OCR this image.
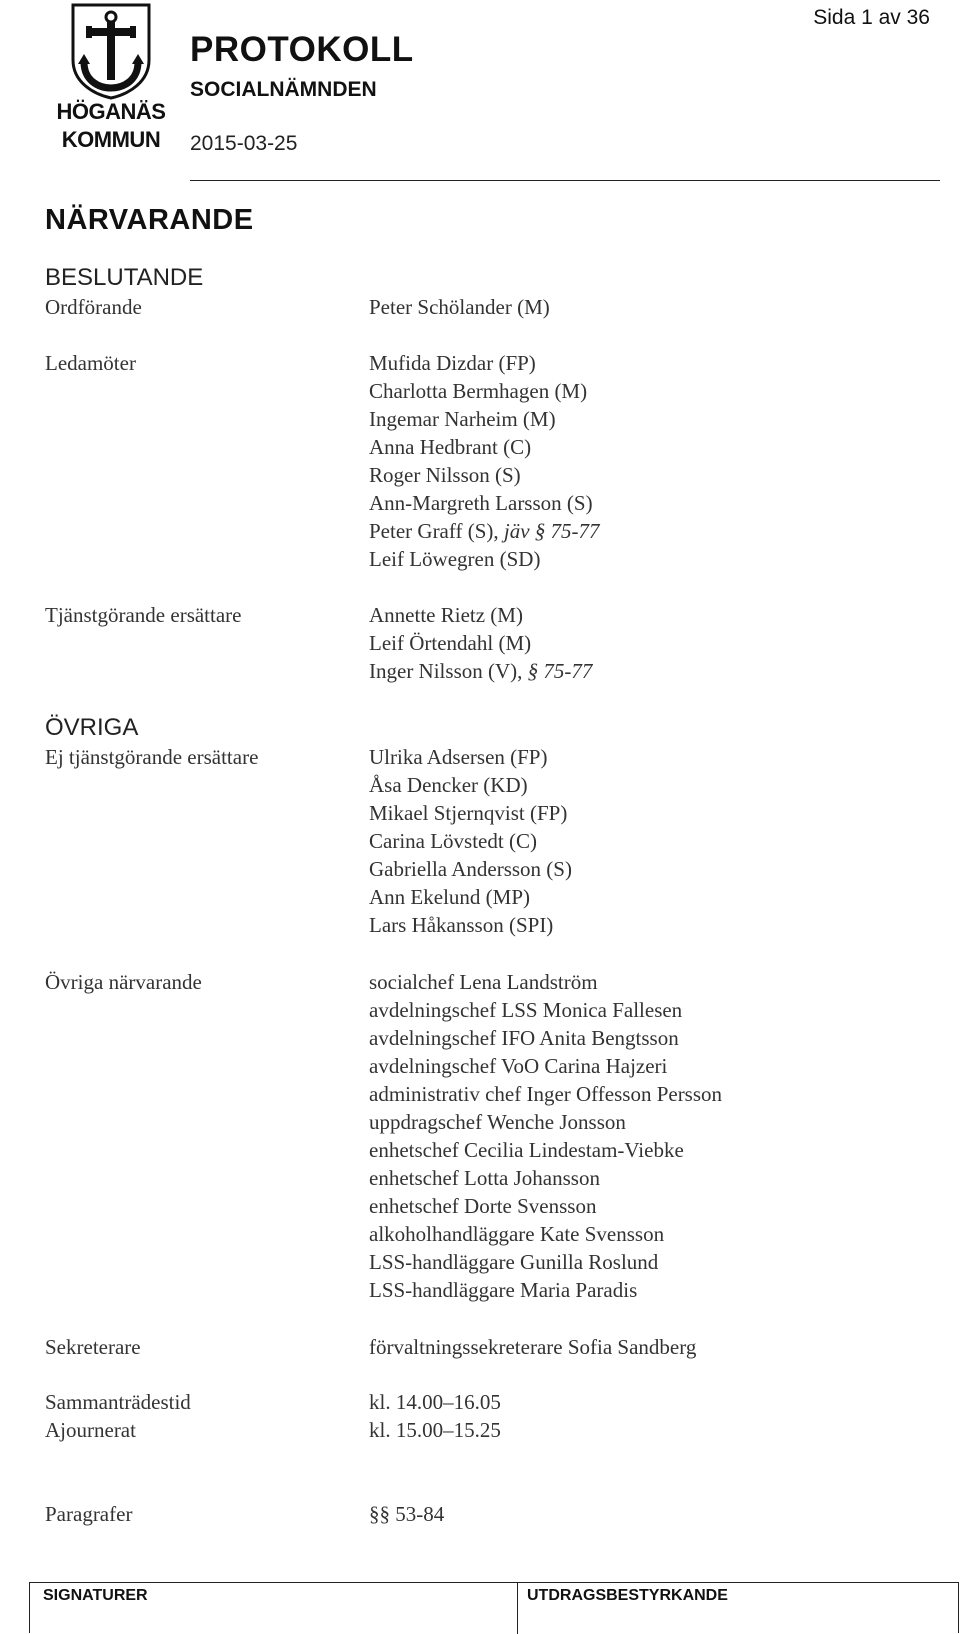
HÖGANÄS
KOMMUN
PROTOKOLL
SOCIALNÄMNDEN
2015-03-25
Sida 1 av 36
NÄRVARANDE
BESLUTANDE
Ordförande	Peter Schölander (M)
Ledamöter	Mufida Dizdar (FP)
Charlotta Bermhagen (M)
Ingemar Narheim (M)
Anna Hedbrant (C)
Roger Nilsson (S)
Ann-Margreth Larsson (S)
Peter Graff (S), jäv § 75-77
Leif Löwegren (SD)
Tjänstgörande ersättare	Annette Rietz (M)
Leif Örtendahl (M)
Inger Nilsson (V), § 75-77
ÖVRIGA
Ej tjänstgörande ersättare	Ulrika Adsersen (FP)
Åsa Dencker (KD)
Mikael Stjernqvist (FP)
Carina Lövstedt (C)
Gabriella Andersson (S)
Ann Ekelund (MP)
Lars Håkansson (SPI)
Övriga närvarande	socialchef Lena Landström
avdelningschef LSS Monica Fallesen
avdelningschef IFO Anita Bengtsson
avdelningschef VoO Carina Hajzeri
administrativ chef Inger Offesson Persson
uppdragschef Wenche Jonsson
enhetschef Cecilia Lindestam-Viebke
enhetschef Lotta Johansson
enhetschef Dorte Svensson
alkoholhandläggare Kate Svensson
LSS-handläggare Gunilla Roslund
LSS-handläggare Maria Paradis
Sekreterare	förvaltningssekreterare Sofia Sandberg
Sammanträdestid	kl. 14.00–16.05
Ajournerat	kl. 15.00–15.25
Paragrafer	§§ 53-84
SIGNATURER	UTDRAGSBESTYRKANDE
